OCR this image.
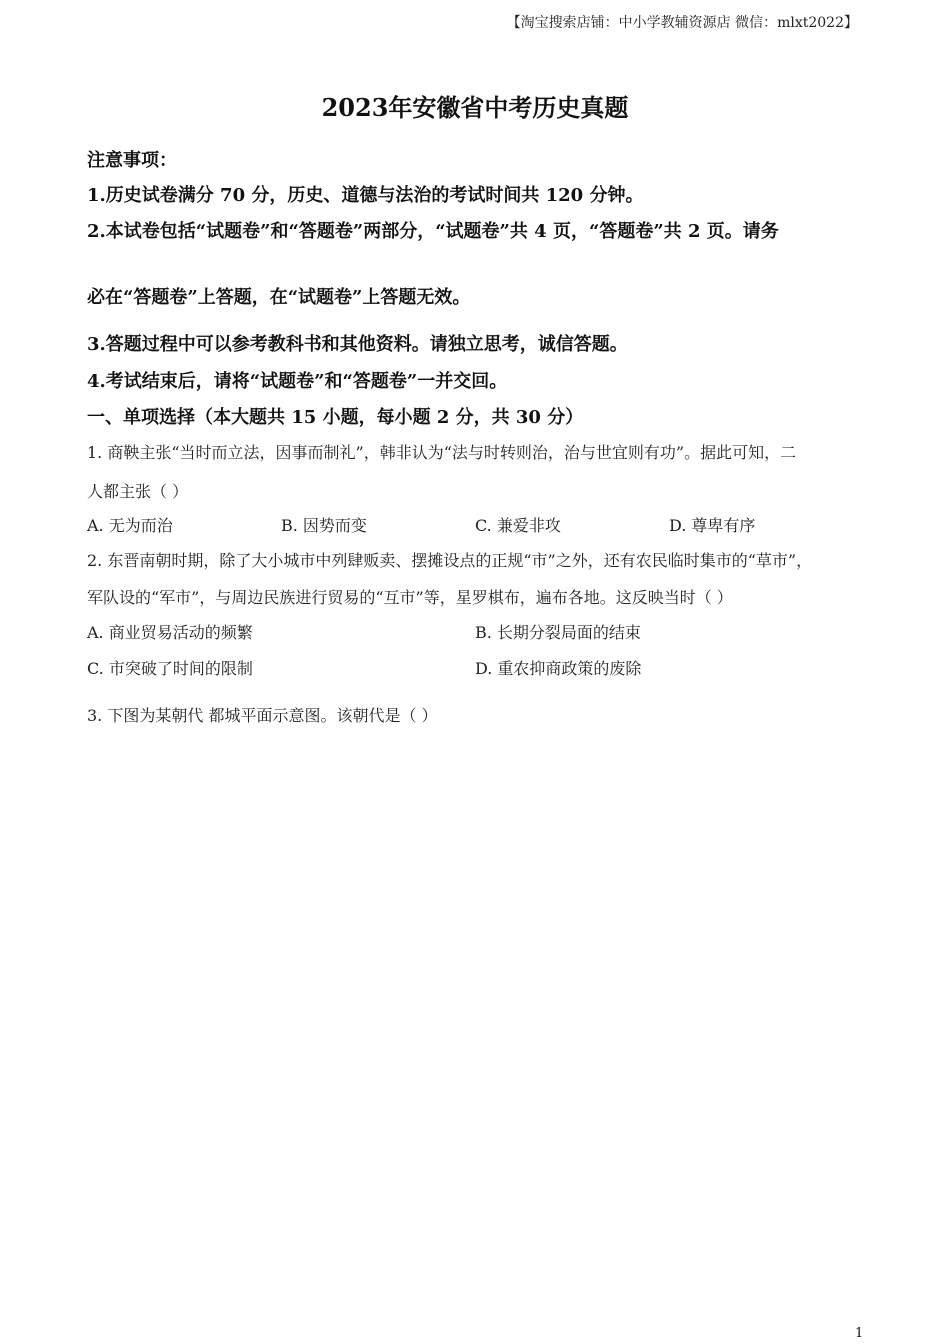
【淘宝搜索店铺：中小学教辅资源店 微信：mlxt2022】
2023年安徽省中考历史真题
注意事项：
1.历史试卷满分 70 分，历史、道德与法治的考试时间共 120 分钟。
2.本试卷包括“试题卷”和“答题卷”两部分，“试题卷”共 4 页，“答题卷”共 2 页。请务
必在“答题卷”上答题，在“试题卷”上答题无效。
3.答题过程中可以参考教科书和其他资料。请独立思考，诚信答题。
4.考试结束后，请将“试题卷”和“答题卷”一并交回。
一、单项选择（本大题共 15 小题，每小题 2 分，共 30 分）
1. 商鞅主张“当时而立法，因事而制礼”，韩非认为“法与时转则治，治与世宜则有功”。据此可知，二
人都主张（ ）
A. 无为而治	B. 因势而变	C. 兼爱非攻	D. 尊卑有序
2. 东晋南朝时期，除了大小城市中列肆贩卖、摆摊设点的正规“市”之外，还有农民临时集市的“草市”，
军队设的“军市”，与周边民族进行贸易的“互市”等，星罗棋布，遍布各地。这反映当时（ ）
A. 商业贸易活动的频繁	B. 长期分裂局面的结束
C. 市突破了时间的限制	D. 重农抑商政策的废除
3. 下图为某朝代 都城平面示意图。该朝代是（ ）
1
